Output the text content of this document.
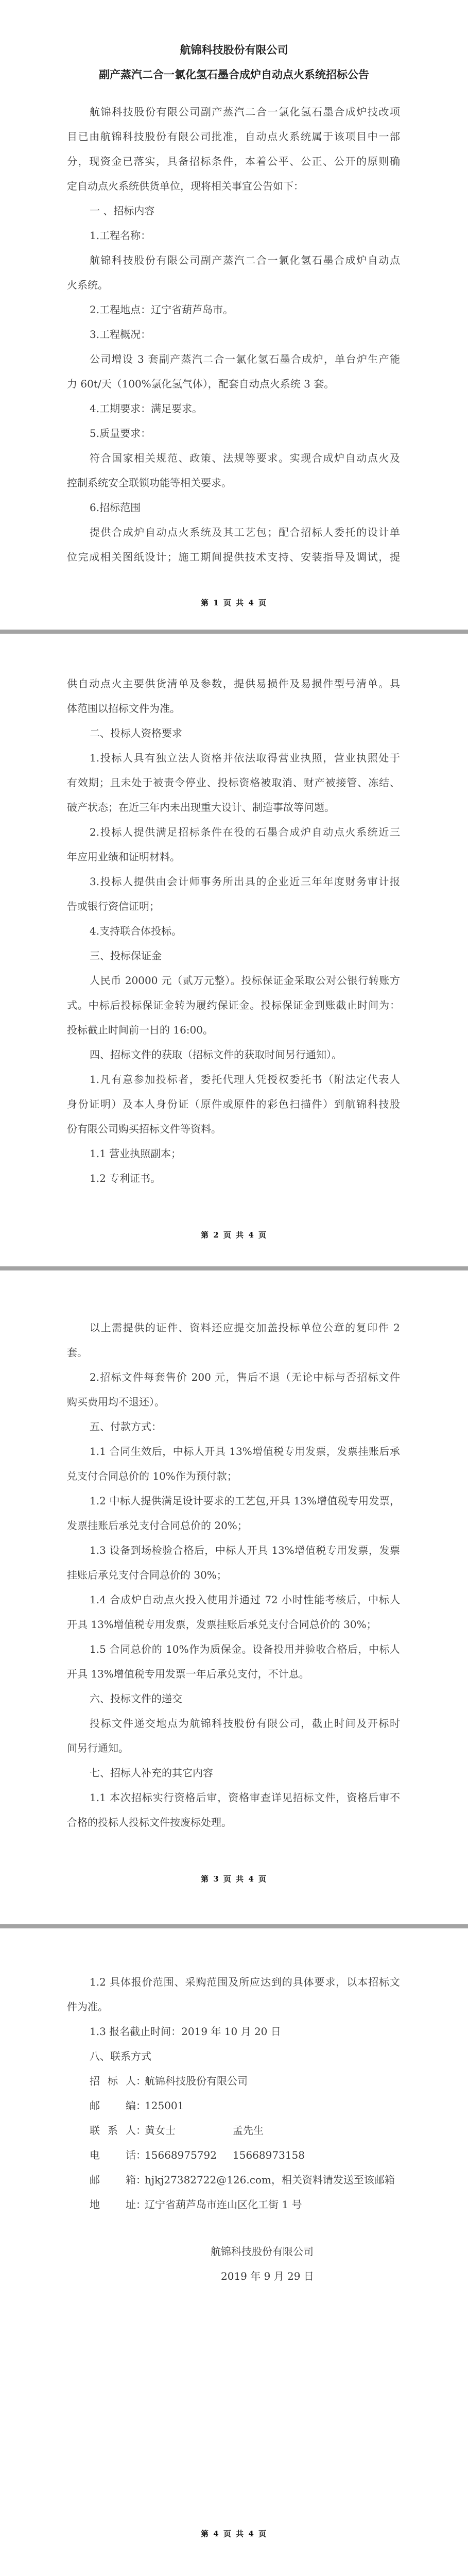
航锦科技股份有限公司
副产蒸汽二合一氯化氢石墨合成炉自动点火系统招标公告
航锦科技股份有限公司副产蒸汽二合一氯化氢石墨合成炉技改项
目已由航锦科技股份有限公司批准，自动点火系统属于该项目中一部
分，现资金已落实，具备招标条件，本着公平、公正、公开的原则确
定自动点火系统供货单位，现将相关事宜公告如下：
一 、招标内容
1.工程名称：
航锦科技股份有限公司副产蒸汽二合一氯化氢石墨合成炉自动点
火系统。
2.工程地点：辽宁省葫芦岛市。
3.工程概况：
公司增设 3 套副产蒸汽二合一氯化氢石墨合成炉，单台炉生产能
力 60t/天（100%氯化氢气体），配套自动点火系统 3 套。
4.工期要求：满足要求。
5.质量要求：
符合国家相关规范、政策、法规等要求。实现合成炉自动点火及
控制系统安全联锁功能等相关要求。
6.招标范围
提供合成炉自动点火系统及其工艺包；配合招标人委托的设计单
位完成相关图纸设计；施工期间提供技术支持、安装指导及调试，提
第 1 页 共 4 页
供自动点火主要供货清单及参数，提供易损件及易损件型号清单。具
体范围以招标文件为准。
二、投标人资格要求
1.投标人具有独立法人资格并依法取得营业执照，营业执照处于
有效期；且未处于被责令停业、投标资格被取消、财产被接管、冻结、
破产状态；在近三年内未出现重大设计、制造事故等问题。
2.投标人提供满足招标条件在役的石墨合成炉自动点火系统近三
年应用业绩和证明材料。
3.投标人提供由会计师事务所出具的企业近三年年度财务审计报
告或银行资信证明；
4.支持联合体投标。
三、投标保证金
人民币 20000 元（贰万元整）。投标保证金采取公对公银行转账方
式。中标后投标保证金转为履约保证金。投标保证金到账截止时间为：
投标截止时间前一日的 16:00。
四、招标文件的获取（招标文件的获取时间另行通知）。
1.凡有意参加投标者，委托代理人凭授权委托书（附法定代表人
身份证明）及本人身份证（原件或原件的彩色扫描件）到航锦科技股
份有限公司购买招标文件等资料。
1.1 营业执照副本；
1.2 专利证书。
第 2 页 共 4 页
以上需提供的证件、资料还应提交加盖投标单位公章的复印件 2
套。
2.招标文件每套售价 200 元，售后不退（无论中标与否招标文件
购买费用均不退还）。
五、付款方式：
1.1 合同生效后，中标人开具 13%增值税专用发票，发票挂账后承
兑支付合同总价的 10%作为预付款；
1.2 中标人提供满足设计要求的工艺包,开具 13%增值税专用发票，
发票挂账后承兑支付合同总价的 20%；
1.3 设备到场检验合格后，中标人开具 13%增值税专用发票，发票
挂账后承兑支付合同总价的 30%；
1.4 合成炉自动点火投入使用并通过 72 小时性能考核后，中标人
开具 13%增值税专用发票，发票挂账后承兑支付合同总价的 30%；
1.5 合同总价的 10%作为质保金。设备投用并验收合格后，中标人
开具 13%增值税专用发票一年后承兑支付，不计息。
六、投标文件的递交
投标文件递交地点为航锦科技股份有限公司，截止时间及开标时
间另行通知。
七、招标人补充的其它内容
1.1 本次招标实行资格后审，资格审查详见招标文件，资格后审不
合格的投标人投标文件按废标处理。
第 3 页 共 4 页
1.2 具体报价范围、采购范围及所应达到的具体要求，以本招标文
件为准。
1.3 报名截止时间：2019 年 10 月 20 日
八、联系方式
招标人 ：
航锦科技股份有限公司
邮编 ：
125001
联系人 ：
黄女士	孟先生
电话 ：
15668975792	15668973158
邮箱 ：
hjkj27382722@126.com，相关资料请发送至该邮箱
地址 ：
辽宁省葫芦岛市连山区化工街 1 号
航锦科技股份有限公司
2019 年 9 月 29 日
第 4 页 共 4 页
